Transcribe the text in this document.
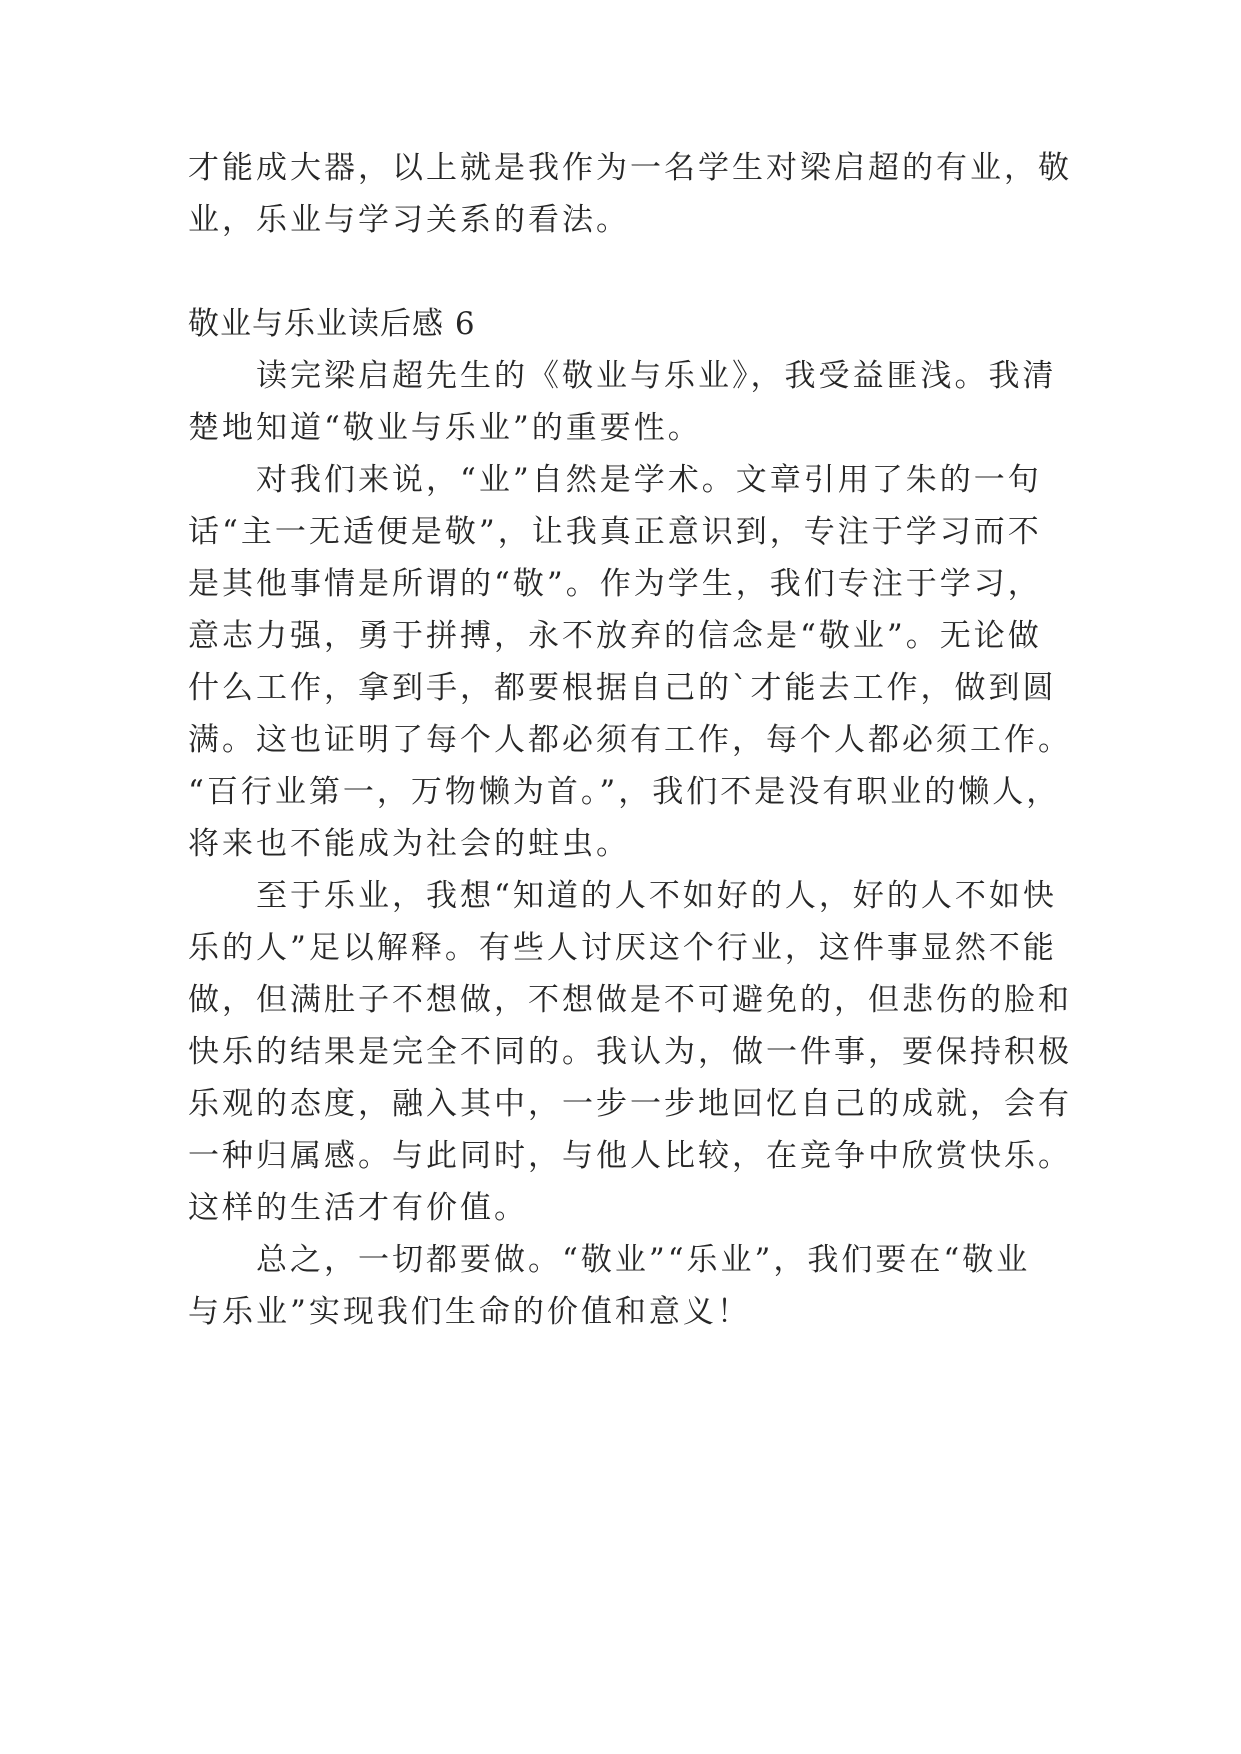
才能成大器，以上就是我作为一名学生对梁启超的有业，敬
业，乐业与学习关系的看法。
敬业与乐业读后感 6
　　读完梁启超先生的《敬业与乐业》，我受益匪浅。我清
楚地知道“敬业与乐业”的重要性。
　　对我们来说，“业”自然是学术。文章引用了朱的一句
话“主一无适便是敬”，让我真正意识到，专注于学习而不
是其他事情是所谓的“敬”。作为学生，我们专注于学习，
意志力强，勇于拼搏，永不放弃的信念是“敬业”。无论做
什么工作，拿到手，都要根据自己的`才能去工作，做到圆
满。这也证明了每个人都必须有工作，每个人都必须工作。
“百行业第一，万物懒为首。”，我们不是没有职业的懒人，
将来也不能成为社会的蛀虫。
　　至于乐业，我想“知道的人不如好的人，好的人不如快
乐的人”足以解释。有些人讨厌这个行业，这件事显然不能
做，但满肚子不想做，不想做是不可避免的，但悲伤的脸和
快乐的结果是完全不同的。我认为，做一件事，要保持积极
乐观的态度，融入其中，一步一步地回忆自己的成就，会有
一种归属感。与此同时，与他人比较，在竞争中欣赏快乐。
这样的生活才有价值。
　　总之，一切都要做。“敬业”“乐业”，我们要在“敬业
与乐业”实现我们生命的价值和意义！
